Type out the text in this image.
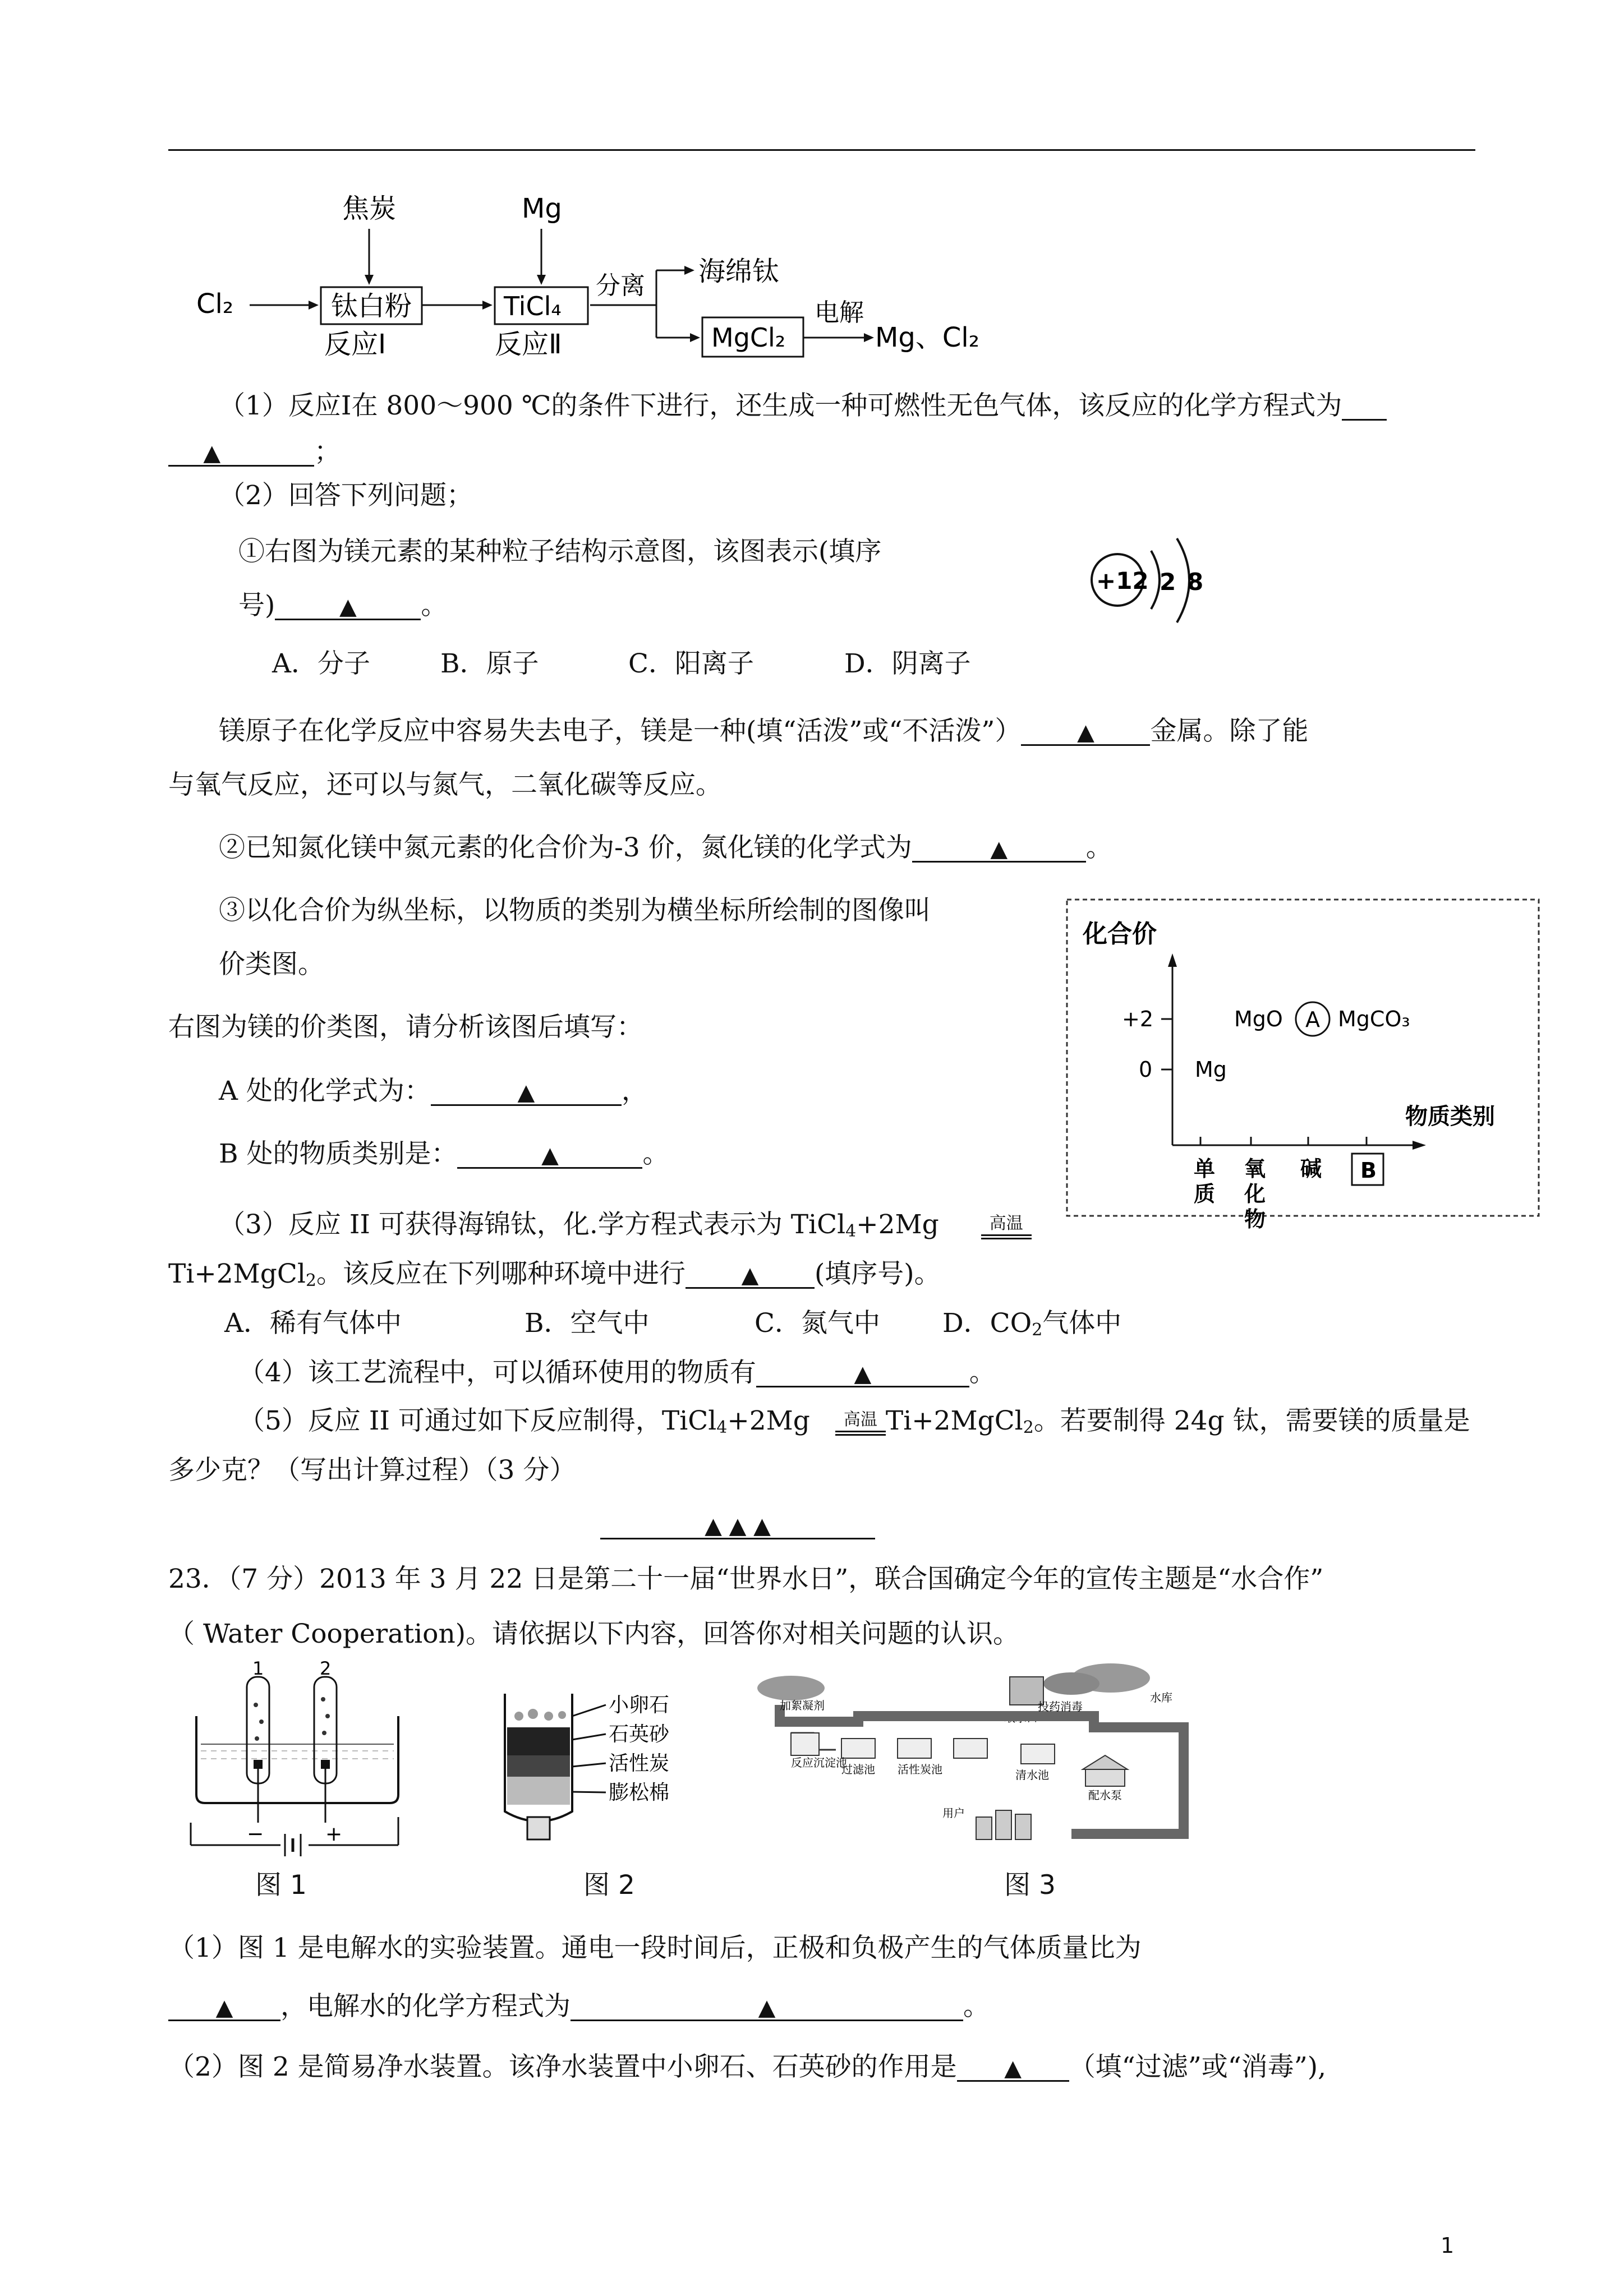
Cl₂
焦炭
钛白粉
反应Ⅰ
Mg
TiCl₄
反应Ⅱ
分离 海绵钛
MgCl₂
电解
Mg、Cl₂
（1）反应Ⅰ在 800～900 ℃的条件下进行，还生成一种可燃性无色气体，该反应的化学方程式为
▲	；
（2）回答下列问题；
①右图为镁元素的某种粒子结构示意图，该图表示(填序
号)	▲ 。
+12 2 8
A．分子	B．原子	C．阳离子	D．阴离子
镁原子在化学反应中容易失去电子，镁是一种(填“活泼”或“不活泼”） ▲ 金属。除了能
与氧气反应，还可以与氮气，二氧化碳等反应。
②已知氮化镁中氮元素的化合价为-3 价，氮化镁的化学式为	▲	。
③以化合价为纵坐标，以物质的类别为横坐标所绘制的图像叫
价类图。
右图为镁的价类图，请分析该图后填写：
A 处的化学式为：	▲	，
B 处的物质类别是：	▲	。
化合价
+2
0 Mg
MgO A MgCO₃
物质类别
单
质
氧
化
物
碱 B
（3）反应 II 可获得海锦钛，化.学方程式表示为 TiCl$_4$+2Mg	高温
Ti+2MgCl$_2$。该反应在下列哪种环境中进行 ▲ (填序号)。
A．稀有气体中	B．空气中	C．氮气中 D．$CO_2$气体中
（4）该工艺流程中，可以循环使用的物质有	▲	。
（5）反应 II 可通过如下反应制得，TiCl$_4$+2Mg 高温 Ti+2MgCl$_2$。若要制得 24g 钛，需要镁的质量是
多少克？（写出计算过程）（3 分）
▲ ▲ ▲
23．（7 分）2013 年 3 月 22 日是第二十一届“世界水日”，联合国确定今年的宣传主题是“水合作”
（ Water Cooperation)。请依据以下内容，回答你对相关问题的认识。
1	2
−	+
图 1
小卵石
石英砂
活性炭
膨松棉
图 2
取水口
水库
加絮凝剂	投药消毒
反应沉淀池
过滤池 活性炭池	清水池
配水泵
用户
图 3
（1）图 1 是电解水的实验装置。通电一段时间后，正极和负极产生的气体质量比为
▲ ，电解水的化学方程式为	▲	。
（2）图 2 是简易净水装置。该净水装置中小卵石、石英砂的作用是 ▲ （填“过滤”或“消毒”),
1
